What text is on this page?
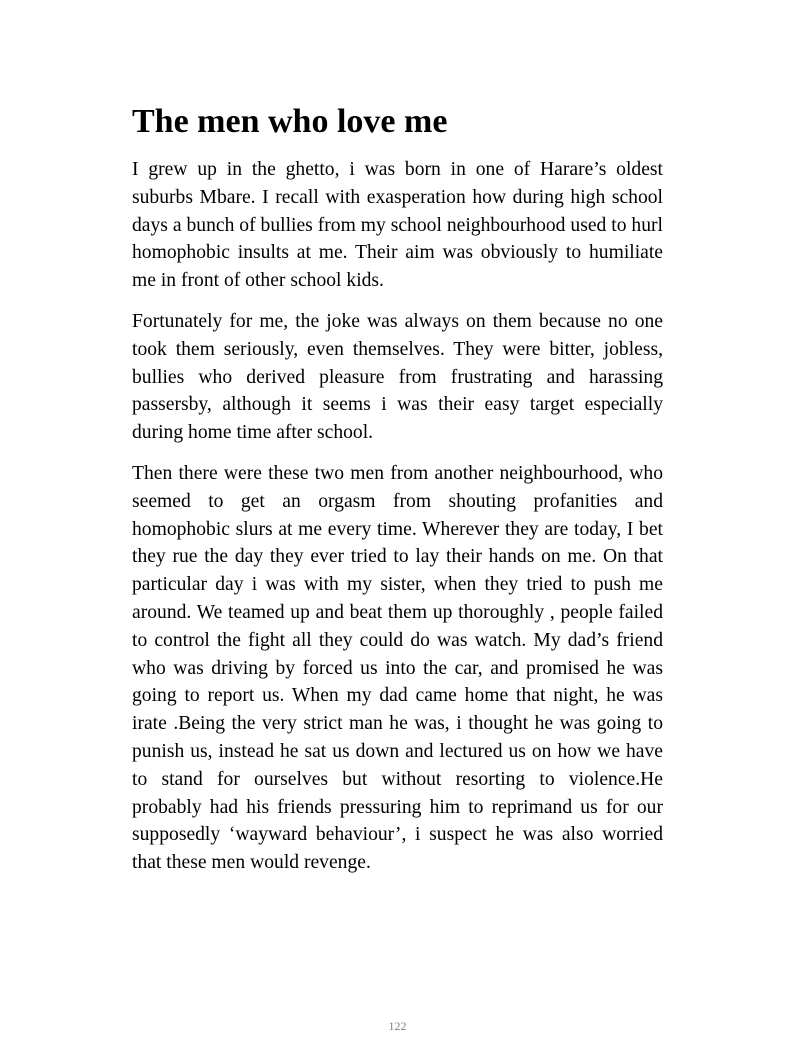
The men who love me

I grew up in the ghetto, i was born in one of Harare’s oldest suburbs Mbare. I recall with exasperation how during high school days a bunch of bullies from my school neighbourhood used to hurl homophobic insults at me. Their aim was obviously to humiliate me in front of other school kids.

Fortunately for me, the joke was always on them because no one took them seriously, even themselves. They were bitter, jobless, bullies who derived pleasure from frustrating and harassing passersby, although it seems i was their easy target especially during home time after school.

Then there were these two men from another neighbourhood, who seemed to get an orgasm from shouting profanities and homophobic slurs at me every time. Wherever they are today, I bet they rue the day they ever tried to lay their hands on me. On that particular day i was with my sister, when they tried to push me around. We teamed up and beat them up thoroughly , people failed to control the fight all they could do was watch. My dad’s friend who was driving by forced us into the car, and promised he was going to report us. When my dad came home that night, he was irate .Being the very strict man he was, i thought he was going to punish us, instead he sat us down and lectured us on how we have to stand for ourselves but without resorting to violence.He probably had his friends pressuring him to reprimand us for our supposedly ‘wayward behaviour’, i suspect he was also worried that these men would revenge.

122
